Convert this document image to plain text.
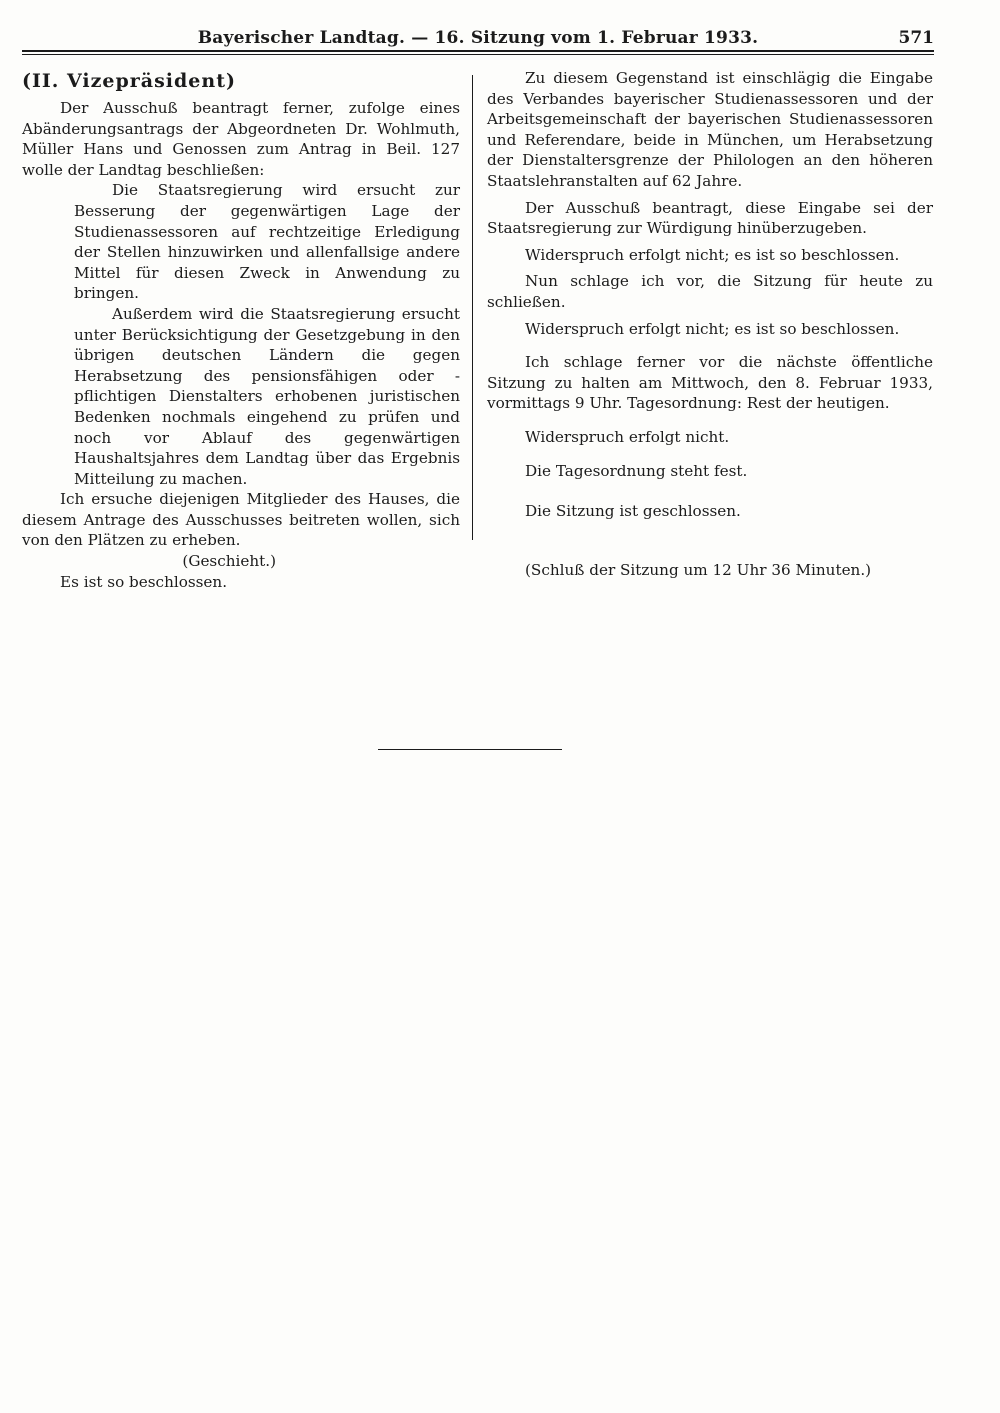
Bayerischer Landtag. — 16. Sitzung vom 1. Februar 1933.	571

(II. Vizepräsident)

Der Ausschuß beantragt ferner, zufolge eines Abänderungsantrags der Abgeordneten Dr. Wohlmuth, Müller Hans und Genossen zum Antrag in Beil. 127 wolle der Landtag beschließen:

Die Staatsregierung wird ersucht zur Besserung der gegenwärtigen Lage der Studienassessoren auf rechtzeitige Erledigung der Stellen hinzuwirken und allenfallsige andere Mittel für diesen Zweck in Anwendung zu bringen.

Außerdem wird die Staatsregierung ersucht unter Berücksichtigung der Gesetzgebung in den übrigen deutschen Ländern die gegen Herabsetzung des pensionsfähigen oder -pflichtigen Dienstalters erhobenen juristischen Bedenken nochmals eingehend zu prüfen und noch vor Ablauf des gegenwärtigen Haushaltsjahres dem Landtag über das Ergebnis Mitteilung zu machen.

Ich ersuche diejenigen Mitglieder des Hauses, die diesem Antrage des Ausschusses beitreten wollen, sich von den Plätzen zu erheben.

(Geschieht.)

Es ist so beschlossen.

Zu diesem Gegenstand ist einschlägig die Eingabe des Verbandes bayerischer Studienassessoren und der Arbeitsgemeinschaft der bayerischen Studienassessoren und Referendare, beide in München, um Herabsetzung der Dienstaltersgrenze der Philologen an den höheren Staatslehranstalten auf 62 Jahre.

Der Ausschuß beantragt, diese Eingabe sei der Staatsregierung zur Würdigung hinüberzugeben.

Widerspruch erfolgt nicht; es ist so beschlossen.

Nun schlage ich vor, die Sitzung für heute zu schließen.

Widerspruch erfolgt nicht; es ist so beschlossen.

Ich schlage ferner vor die nächste öffentliche Sitzung zu halten am Mittwoch, den 8. Februar 1933, vormittags 9 Uhr. Tagesordnung: Rest der heutigen.

Widerspruch erfolgt nicht.

Die Tagesordnung steht fest.

Die Sitzung ist geschlossen.

(Schluß der Sitzung um 12 Uhr 36 Minuten.)
